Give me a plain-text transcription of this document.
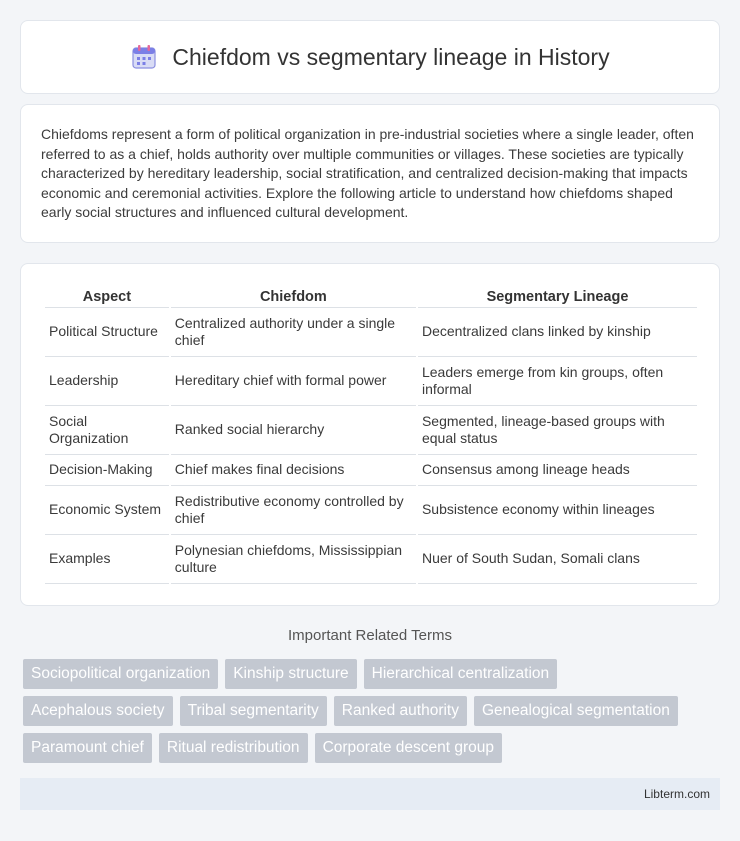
Chiefdom vs segmentary lineage in History

Chiefdoms represent a form of political organization in pre-industrial societies where a single leader, often referred to as a chief, holds authority over multiple communities or villages. These societies are typically characterized by hereditary leadership, social stratification, and centralized decision-making that impacts economic and ceremonial activities. Explore the following article to understand how chiefdoms shaped early social structures and influenced cultural development.

Aspect	Chiefdom	Segmentary Lineage
Political Structure	Centralized authority under a single chief	Decentralized clans linked by kinship
Leadership	Hereditary chief with formal power	Leaders emerge from kin groups, often informal
Social Organization	Ranked social hierarchy	Segmented, lineage-based groups with equal status
Decision-Making	Chief makes final decisions	Consensus among lineage heads
Economic System	Redistributive economy controlled by chief	Subsistence economy within lineages
Examples	Polynesian chiefdoms, Mississippian culture	Nuer of South Sudan, Somali clans
Important Related Terms
Sociopolitical organization	Kinship structure	Hierarchical centralization
Acephalous society	Tribal segmentarity	Ranked authority	Genealogical segmentation
Paramount chief	Ritual redistribution	Corporate descent group
Libterm.com
